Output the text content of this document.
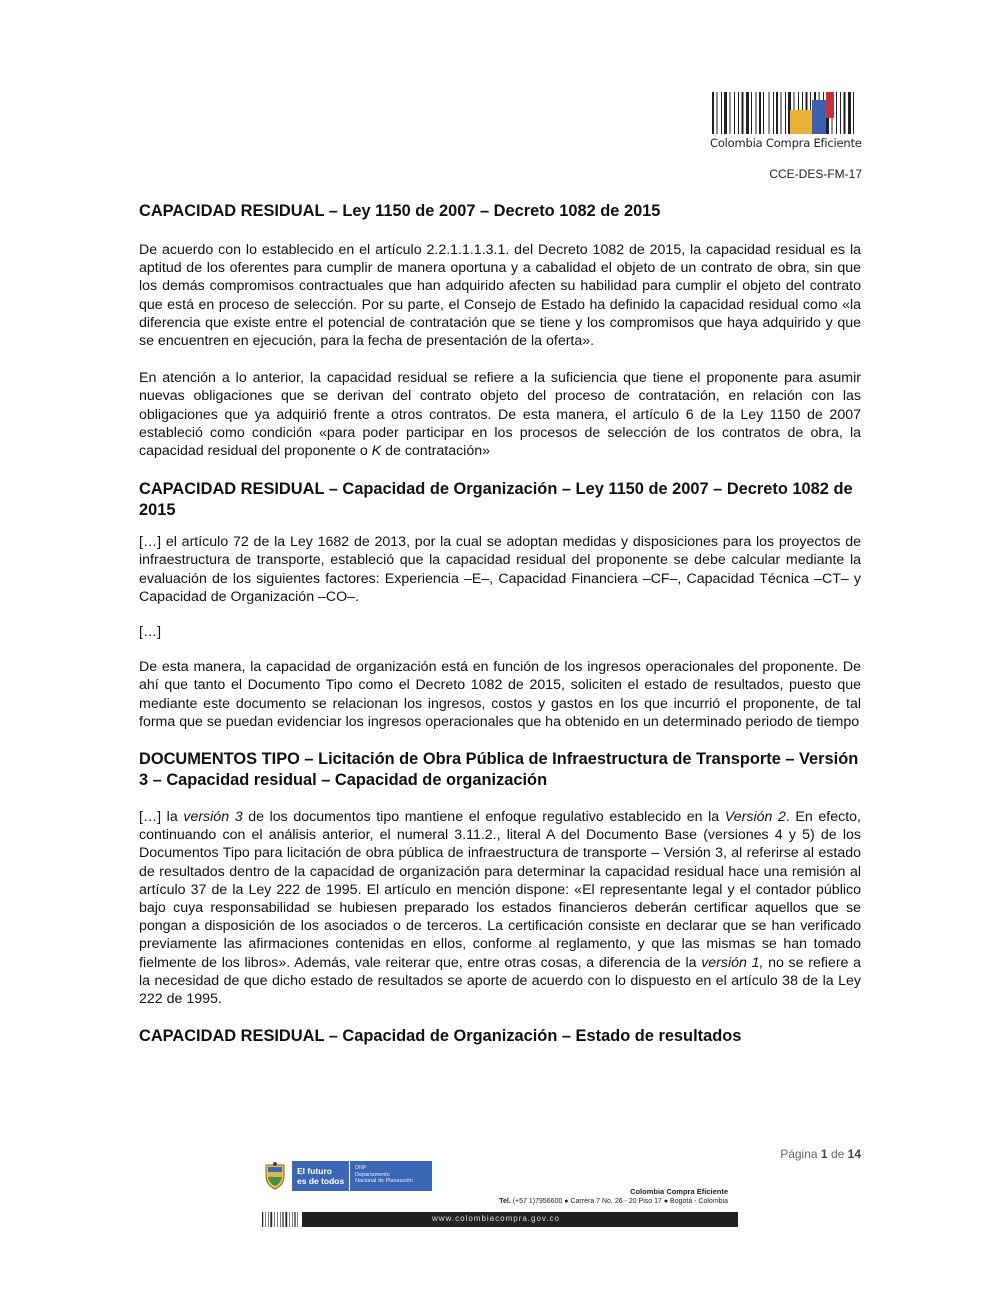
Colombia Compra Eficiente
CCE-DES-FM-17
CAPACIDAD RESIDUAL – Ley 1150 de 2007 – Decreto 1082 de 2015

De acuerdo con lo establecido en el artículo 2.2.1.1.1.3.1. del Decreto 1082 de 2015, la capacidad residual es la aptitud de los oferentes para cumplir de manera oportuna y a cabalidad el objeto de un contrato de obra, sin que los demás compromisos contractuales que han adquirido afecten su habilidad para cumplir el objeto del contrato que está en proceso de selección. Por su parte, el Consejo de Estado ha definido la capacidad residual como «la diferencia que existe entre el potencial de contratación que se tiene y los compromisos que haya adquirido y que se encuentren en ejecución, para la fecha de presentación de la oferta».

En atención a lo anterior, la capacidad residual se refiere a la suficiencia que tiene el proponente para asumir nuevas obligaciones que se derivan del contrato objeto del proceso de contratación, en relación con las obligaciones que ya adquirió frente a otros contratos. De esta manera, el artículo 6 de la Ley 1150 de 2007 estableció como condición «para poder participar en los procesos de selección de los contratos de obra, la capacidad residual del proponente o K de contratación»

CAPACIDAD RESIDUAL – Capacidad de Organización – Ley 1150 de 2007 – Decreto 1082 de 2015

[…] el artículo 72 de la Ley 1682 de 2013, por la cual se adoptan medidas y disposiciones para los proyectos de infraestructura de transporte, estableció que la capacidad residual del proponente se debe calcular mediante la evaluación de los siguientes factores: Experiencia –E–, Capacidad Financiera –CF–, Capacidad Técnica –CT– y Capacidad de Organización –CO–.

[…]

De esta manera, la capacidad de organización está en función de los ingresos operacionales del proponente. De ahí que tanto el Documento Tipo como el Decreto 1082 de 2015, soliciten el estado de resultados, puesto que mediante este documento se relacionan los ingresos, costos y gastos en los que incurrió el proponente, de tal forma que se puedan evidenciar los ingresos operacionales que ha obtenido en un determinado periodo de tiempo

DOCUMENTOS TIPO – Licitación de Obra Pública de Infraestructura de Transporte – Versión 3 – Capacidad residual – Capacidad de organización

[…] la versión 3 de los documentos tipo mantiene el enfoque regulativo establecido en la Versión 2. En efecto, continuando con el análisis anterior, el numeral 3.11.2., literal A del Documento Base (versiones 4 y 5) de los Documentos Tipo para licitación de obra pública de infraestructura de transporte – Versión 3, al referirse al estado de resultados dentro de la capacidad de organización para determinar la capacidad residual hace una remisión al artículo 37 de la Ley 222 de 1995. El artículo en mención dispone: «El representante legal y el contador público bajo cuya responsabilidad se hubiesen preparado los estados financieros deberán certificar aquellos que se pongan a disposición de los asociados o de terceros. La certificación consiste en declarar que se han verificado previamente las afirmaciones contenidas en ellos, conforme al reglamento, y que las mismas se han tomado fielmente de los libros». Además, vale reiterar que, entre otras cosas, a diferencia de la versión 1, no se refiere a la necesidad de que dicho estado de resultados se aporte de acuerdo con lo dispuesto en el artículo 38 de la Ley 222 de 1995.

CAPACIDAD RESIDUAL – Capacidad de Organización – Estado de resultados
Página 1 de 14
El futuro
es de todos
DNP
Departamento
Nacional de Planeación
Colombia Compra Eficiente
Tel. (+57 1)7956600 ● Carrera 7 No. 26 - 20 Piso 17 ● Bogotá - Colombia
www.colombiacompra.gov.co
